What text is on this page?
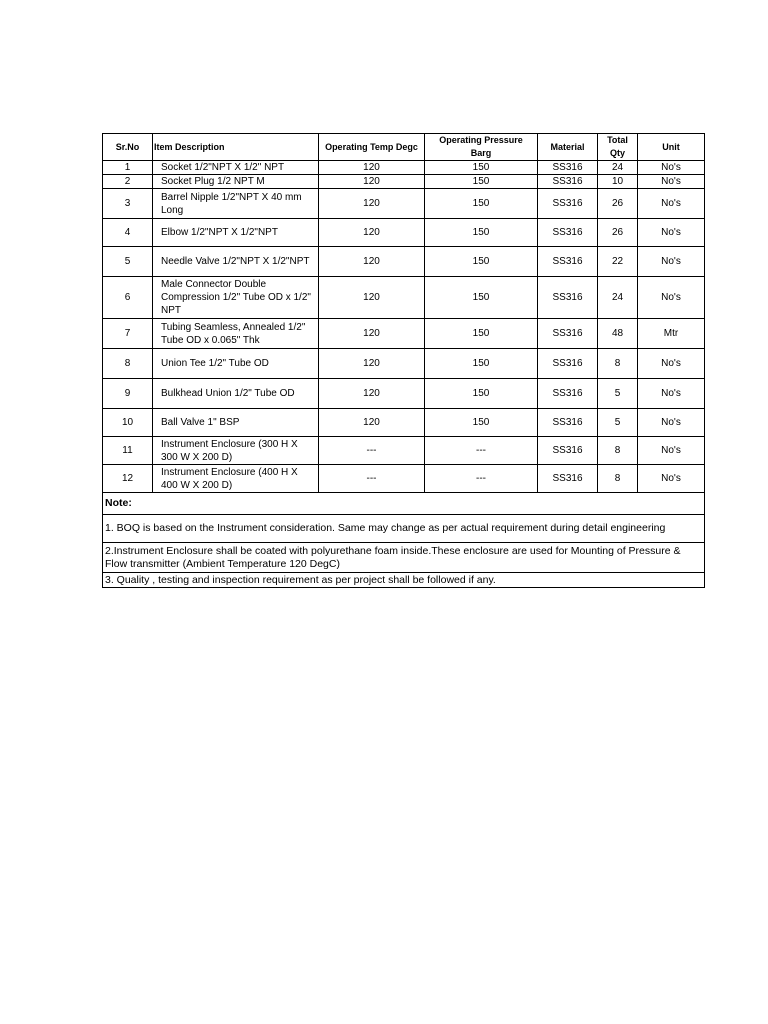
Sr.No	Item Description	Operating Temp Degc	Operating Pressure Barg	Material	Total Qty	Unit
1	Socket 1/2"NPT X 1/2" NPT	120	150	SS316	24	No's
2	Socket Plug 1/2 NPT M	120	150	SS316	10	No's
3	Barrel Nipple 1/2"NPT X 40 mm Long	120	150	SS316	26	No's
4	Elbow 1/2"NPT X 1/2"NPT	120	150	SS316	26	No's
5	Needle Valve 1/2"NPT X 1/2"NPT	120	150	SS316	22	No's
6	Male Connector Double Compression 1/2" Tube OD x 1/2" NPT	120	150	SS316	24	No's
7	Tubing Seamless, Annealed 1/2" Tube OD x 0.065" Thk	120	150	SS316	48	Mtr
8	Union Tee 1/2" Tube OD	120	150	SS316	8	No's
9	Bulkhead Union 1/2" Tube OD	120	150	SS316	5	No's
10	Ball Valve 1" BSP	120	150	SS316	5	No's
11	Instrument Enclosure (300 H X 300 W X 200 D)	---	---	SS316	8	No's
12	Instrument Enclosure (400 H X 400 W X 200 D)	---	---	SS316	8	No's
Note:						
1. BOQ is based on the Instrument consideration. Same may change as per actual requirement during detail engineering						
2.Instrument Enclosure shall be coated with polyurethane foam inside.These enclosure are used for Mounting of Pressure & Flow transmitter (Ambient Temperature 120 DegC)						
3. Quality , testing and inspection requirement as per project shall be followed if any.						
